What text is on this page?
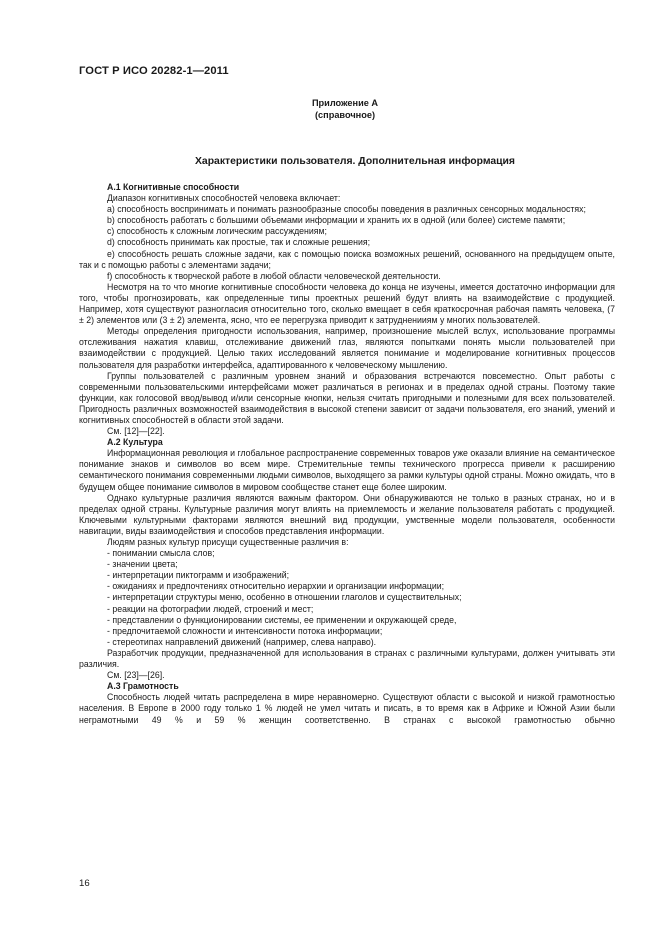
ГОСТ Р ИСО 20282-1—2011
Приложение А
(справочное)
Характеристики пользователя. Дополнительная информация

А.1 Когнитивные способности

Диапазон когнитивных способностей человека включает:

a) способность воспринимать и понимать разнообразные способы поведения в различных сенсорных модальностях;

b) способность работать с большими объемами информации и хранить их в одной (или более) системе памяти;

c) способность к сложным логическим рассуждениям;

d) способность принимать как простые, так и сложные решения;

e) способность решать сложные задачи, как с помощью поиска возможных решений, основанного на предыдущем опыте, так и с помощью работы с элементами задачи;

f) способность к творческой работе в любой области человеческой деятельности.

Несмотря на то что многие когнитивные способности человека до конца не изучены, имеется достаточно информации для того, чтобы прогнозировать, как определенные типы проектных решений будут влиять на взаимодействие с продукцией. Например, хотя существуют разногласия относительно того, сколько вмещает в себя краткосрочная рабочая память человека, (7 ± 2) элементов или (3 ± 2) элемента, ясно, что ее перегрузка приводит к затрудненииям у многих пользователей.

Методы определения пригодности использования, например, произношение мыслей вслух, использование программы отслеживания нажатия клавиш, отслеживание движений глаз, являются попытками понять мысли пользователей при взаимодействии с продукцией. Целью таких исследований является понимание и моделирование когнитивных процессов пользователя для разработки интерфейса, адаптированного к человеческому мышлению.

Группы пользователей с различным уровнем знаний и образования встречаются повсеместно. Опыт работы с современными пользовательскими интерфейсами может различаться в регионах и в пределах одной страны. Поэтому такие функции, как голосовой ввод/вывод и/или сенсорные кнопки, нельзя считать пригодными и полезными для всех пользователей. Пригодность различных возможностей взаимодействия в высокой степени зависит от задачи пользователя, его знаний, умений и когнитивных способностей в области этой задачи.

См. [12]—[22].

А.2 Культура

Информационная революция и глобальное распространение современных товаров уже оказали влияние на семантическое понимание знаков и символов во всем мире. Стремительные темпы технического прогресса привели к расширению семантического понимания современными людьми символов, выходящего за рамки культуры одной страны. Можно ожидать, что в будущем общее понимание символов в мировом сообществе станет еще более широким.

Однако культурные различия являются важным фактором. Они обнаруживаются не только в разных странах, но и в пределах одной страны. Культурные различия могут влиять на приемлемость и желание пользователя работать с продукцией. Ключевыми культурными факторами являются внешний вид продукции, умственные модели пользователя, особенности навигации, виды взаимодействия и способов представления информации.

Людям разных культур присущи существенные различия в:

- понимании смысла слов;

- значении цвета;

- интерпретации пиктограмм и изображений;

- ожиданиях и предпочтениях относительно иерархии и организации информации;

- интерпретации структуры меню, особенно в отношении глаголов и существительных;

- реакции на фотографии людей, строений и мест;

- представлении о функционировании системы, ее применении и окружающей среде,

- предпочитаемой сложности и интенсивности потока информации;

- стереотипах направлений движений (например, слева направо).

Разработчик продукции, предназначенной для использования в странах с различными культурами, должен учитывать эти различия.

См. [23]—[26].

А.3 Грамотность

Способность людей читать распределена в мире неравномерно. Существуют области с высокой и низкой грамотностью населения. В Европе в 2000 году только 1 % людей не умел читать и писать, в то время как в Африке и Южной Азии были неграмотными 49 % и 59 % женщин соответственно. В странах с высокой грамотностью обычно

16
